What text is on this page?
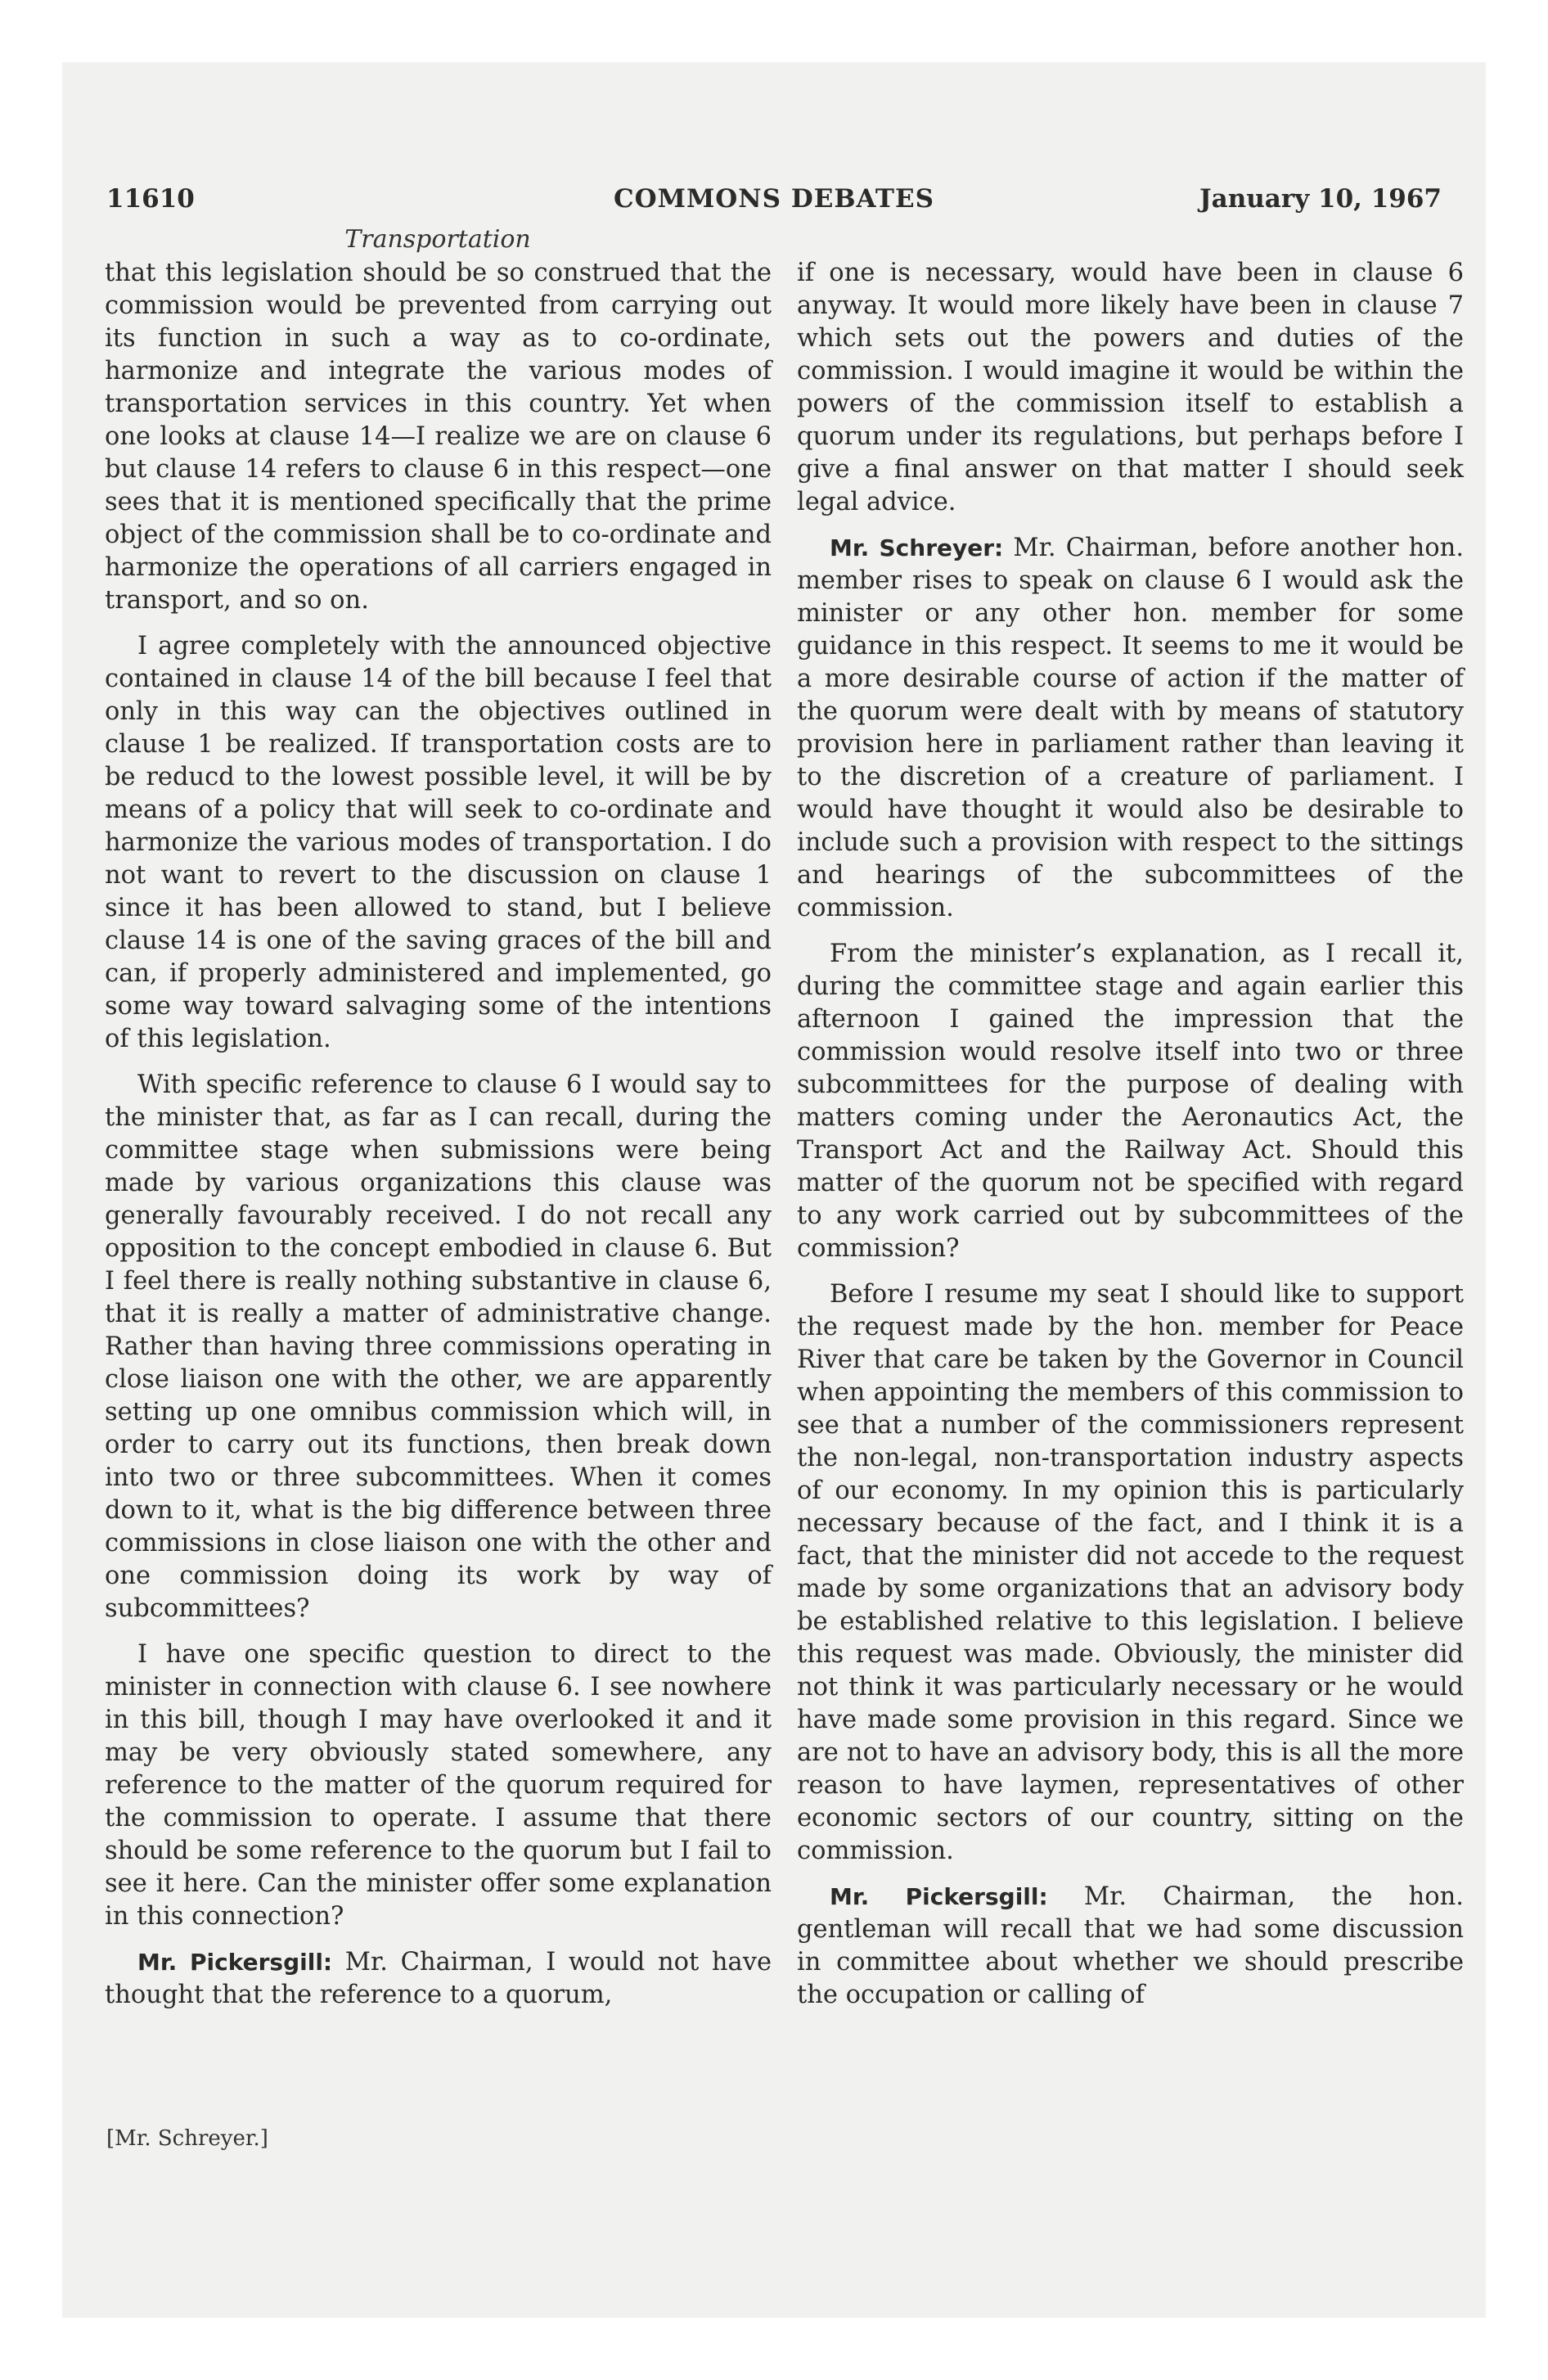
11610	COMMONS DEBATES	January 10, 1967
Transportation

that this legislation should be so construed that the commission would be prevented from carrying out its function in such a way as to co-ordinate, harmonize and integrate the various modes of transportation services in this country. Yet when one looks at clause 14—I realize we are on clause 6 but clause 14 refers to clause 6 in this respect—one sees that it is mentioned specifically that the prime object of the commission shall be to co-ordinate and harmonize the operations of all carriers engaged in transport, and so on.

I agree completely with the announced objective contained in clause 14 of the bill because I feel that only in this way can the objectives outlined in clause 1 be realized. If transportation costs are to be reducd to the lowest possible level, it will be by means of a policy that will seek to co-ordinate and harmonize the various modes of transportation. I do not want to revert to the discussion on clause 1 since it has been allowed to stand, but I believe clause 14 is one of the saving graces of the bill and can, if properly administered and implemented, go some way toward salvaging some of the intentions of this legislation.

With specific reference to clause 6 I would say to the minister that, as far as I can recall, during the committee stage when submissions were being made by various organizations this clause was generally favourably received. I do not recall any opposition to the concept embodied in clause 6. But I feel there is really nothing substantive in clause 6, that it is really a matter of administrative change. Rather than having three commissions operating in close liaison one with the other, we are apparently setting up one omnibus commission which will, in order to carry out its functions, then break down into two or three subcommittees. When it comes down to it, what is the big difference between three commissions in close liaison one with the other and one commission doing its work by way of subcommittees?

I have one specific question to direct to the minister in connection with clause 6. I see nowhere in this bill, though I may have overlooked it and it may be very obviously stated somewhere, any reference to the matter of the quorum required for the commission to operate. I assume that there should be some reference to the quorum but I fail to see it here. Can the minister offer some explanation in this connection?

Mr. Pickersgill: Mr. Chairman, I would not have thought that the reference to a quorum,

if one is necessary, would have been in clause 6 anyway. It would more likely have been in clause 7 which sets out the powers and duties of the commission. I would imagine it would be within the powers of the commission itself to establish a quorum under its regulations, but perhaps before I give a final answer on that matter I should seek legal advice.

Mr. Schreyer: Mr. Chairman, before another hon. member rises to speak on clause 6 I would ask the minister or any other hon. member for some guidance in this respect. It seems to me it would be a more desirable course of action if the matter of the quorum were dealt with by means of statutory provision here in parliament rather than leaving it to the discretion of a creature of parliament. I would have thought it would also be desirable to include such a provision with respect to the sittings and hearings of the subcommittees of the commission.

From the minister’s explanation, as I recall it, during the committee stage and again earlier this afternoon I gained the impression that the commission would resolve itself into two or three subcommittees for the purpose of dealing with matters coming under the Aeronautics Act, the Transport Act and the Railway Act. Should this matter of the quorum not be specified with regard to any work carried out by subcommittees of the commission?

Before I resume my seat I should like to support the request made by the hon. member for Peace River that care be taken by the Governor in Council when appointing the members of this commission to see that a number of the commissioners represent the non-legal, non-transportation industry aspects of our economy. In my opinion this is particularly necessary because of the fact, and I think it is a fact, that the minister did not accede to the request made by some organizations that an advisory body be established relative to this legislation. I believe this request was made. Obviously, the minister did not think it was particularly necessary or he would have made some provision in this regard. Since we are not to have an advisory body, this is all the more reason to have laymen, representatives of other economic sectors of our country, sitting on the commission.

Mr. Pickersgill: Mr. Chairman, the hon. gentleman will recall that we had some discussion in committee about whether we should prescribe the occupation or calling of

[Mr. Schreyer.]
